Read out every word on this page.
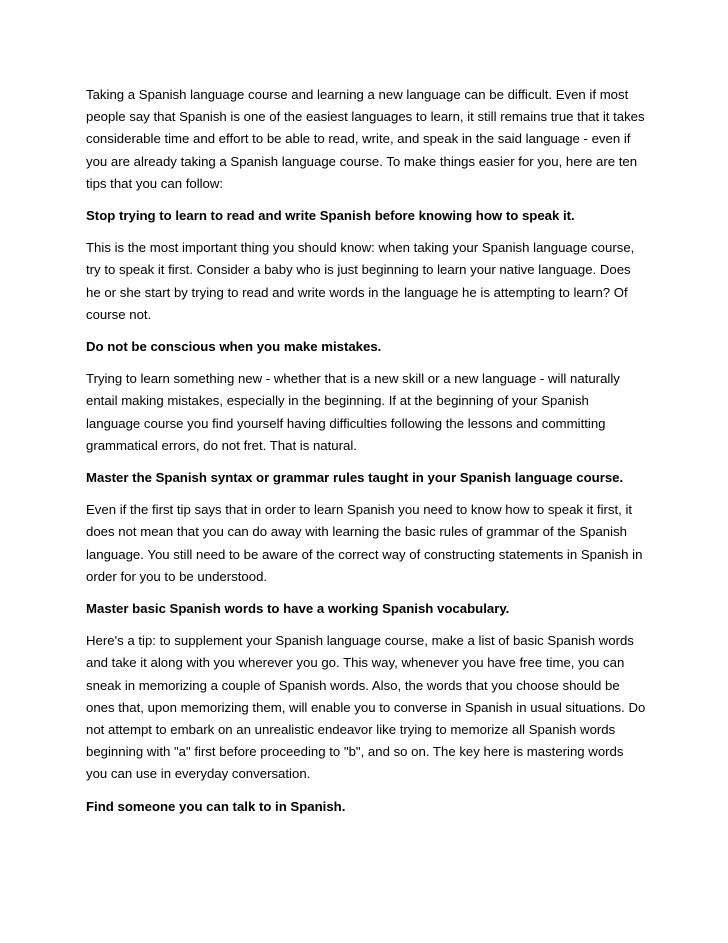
Taking a Spanish language course and learning a new language can be difficult. Even if most people say that Spanish is one of the easiest languages to learn, it still remains true that it takes considerable time and effort to be able to read, write, and speak in the said language - even if you are already taking a Spanish language course. To make things easier for you, here are ten tips that you can follow:

Stop trying to learn to read and write Spanish before knowing how to speak it.

This is the most important thing you should know: when taking your Spanish language course, try to speak it first. Consider a baby who is just beginning to learn your native language. Does he or she start by trying to read and write words in the language he is attempting to learn? Of course not.

Do not be conscious when you make mistakes.

Trying to learn something new - whether that is a new skill or a new language - will naturally entail making mistakes, especially in the beginning. If at the beginning of your Spanish language course you find yourself having difficulties following the lessons and committing grammatical errors, do not fret. That is natural.

Master the Spanish syntax or grammar rules taught in your Spanish language course.

Even if the first tip says that in order to learn Spanish you need to know how to speak it first, it does not mean that you can do away with learning the basic rules of grammar of the Spanish language. You still need to be aware of the correct way of constructing statements in Spanish in order for you to be understood.

Master basic Spanish words to have a working Spanish vocabulary.

Here's a tip: to supplement your Spanish language course, make a list of basic Spanish words and take it along with you wherever you go. This way, whenever you have free time, you can sneak in memorizing a couple of Spanish words. Also, the words that you choose should be ones that, upon memorizing them, will enable you to converse in Spanish in usual situations. Do not attempt to embark on an unrealistic endeavor like trying to memorize all Spanish words beginning with "a" first before proceeding to "b", and so on. The key here is mastering words you can use in everyday conversation.

Find someone you can talk to in Spanish.
